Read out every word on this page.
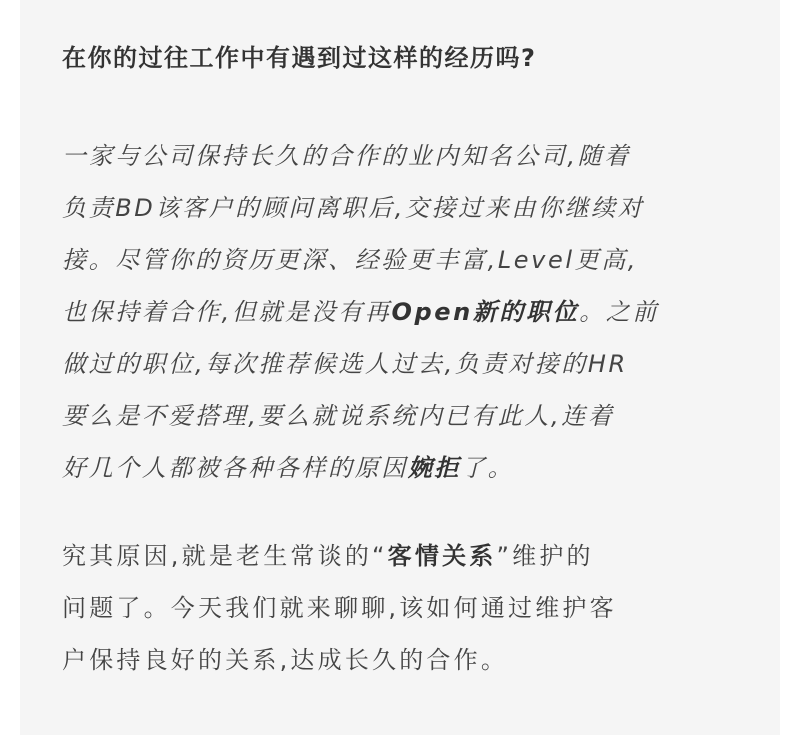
在你的过往工作中有遇到过这样的经历吗?

一家与公司保持长久的合作的业内知名公司,随着
负责BD该客户的顾问离职后,交接过来由你继续对
接。尽管你的资历更深、经验更丰富,Level更高,
也保持着合作,但就是没有再Open新的职位。之前
做过的职位,每次推荐候选人过去,负责对接的HR
要么是不爱搭理,要么就说系统内已有此人,连着
好几个人都被各种各样的原因婉拒了。

究其原因,就是老生常谈的“客情关系”维护的
问题了。今天我们就来聊聊,该如何通过维护客
户保持良好的关系,达成长久的合作。
